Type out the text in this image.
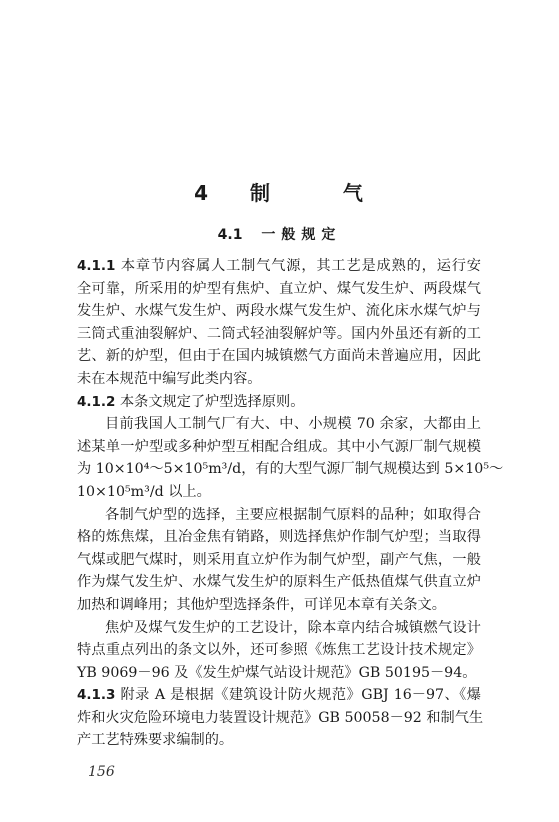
4 制	气
4.1 一般规定
4.1.1 本章节内容属人工制气气源，其工艺是成熟的，运行安
全可靠，所采用的炉型有焦炉、直立炉、煤气发生炉、两段煤气
发生炉、水煤气发生炉、两段水煤气发生炉、流化床水煤气炉与
三筒式重油裂解炉、二筒式轻油裂解炉等。国内外虽还有新的工
艺、新的炉型，但由于在国内城镇燃气方面尚未普遍应用，因此
未在本规范中编写此类内容。
4.1.2 本条文规定了炉型选择原则。
目前我国人工制气厂有大、中、小规模 70 余家，大都由上
述某单一炉型或多种炉型互相配合组成。其中小气源厂制气规模
为 10×10⁴～5×10⁵m³/d，有的大型气源厂制气规模达到 5×10⁵～
10×10⁵m³/d 以上。
各制气炉型的选择，主要应根据制气原料的品种；如取得合
格的炼焦煤，且冶金焦有销路，则选择焦炉作制气炉型；当取得
气煤或肥气煤时，则采用直立炉作为制气炉型，副产气焦，一般
作为煤气发生炉、水煤气发生炉的原料生产低热值煤气供直立炉
加热和调峰用；其他炉型选择条件，可详见本章有关条文。
焦炉及煤气发生炉的工艺设计，除本章内结合城镇燃气设计
特点重点列出的条文以外，还可参照《炼焦工艺设计技术规定》
YB 9069－96 及《发生炉煤气站设计规范》GB 50195－94。
4.1.3 附录 A 是根据《建筑设计防火规范》GBJ 16－97、《爆
炸和火灾危险环境电力装置设计规范》GB 50058－92 和制气生
产工艺特殊要求编制的。
156
